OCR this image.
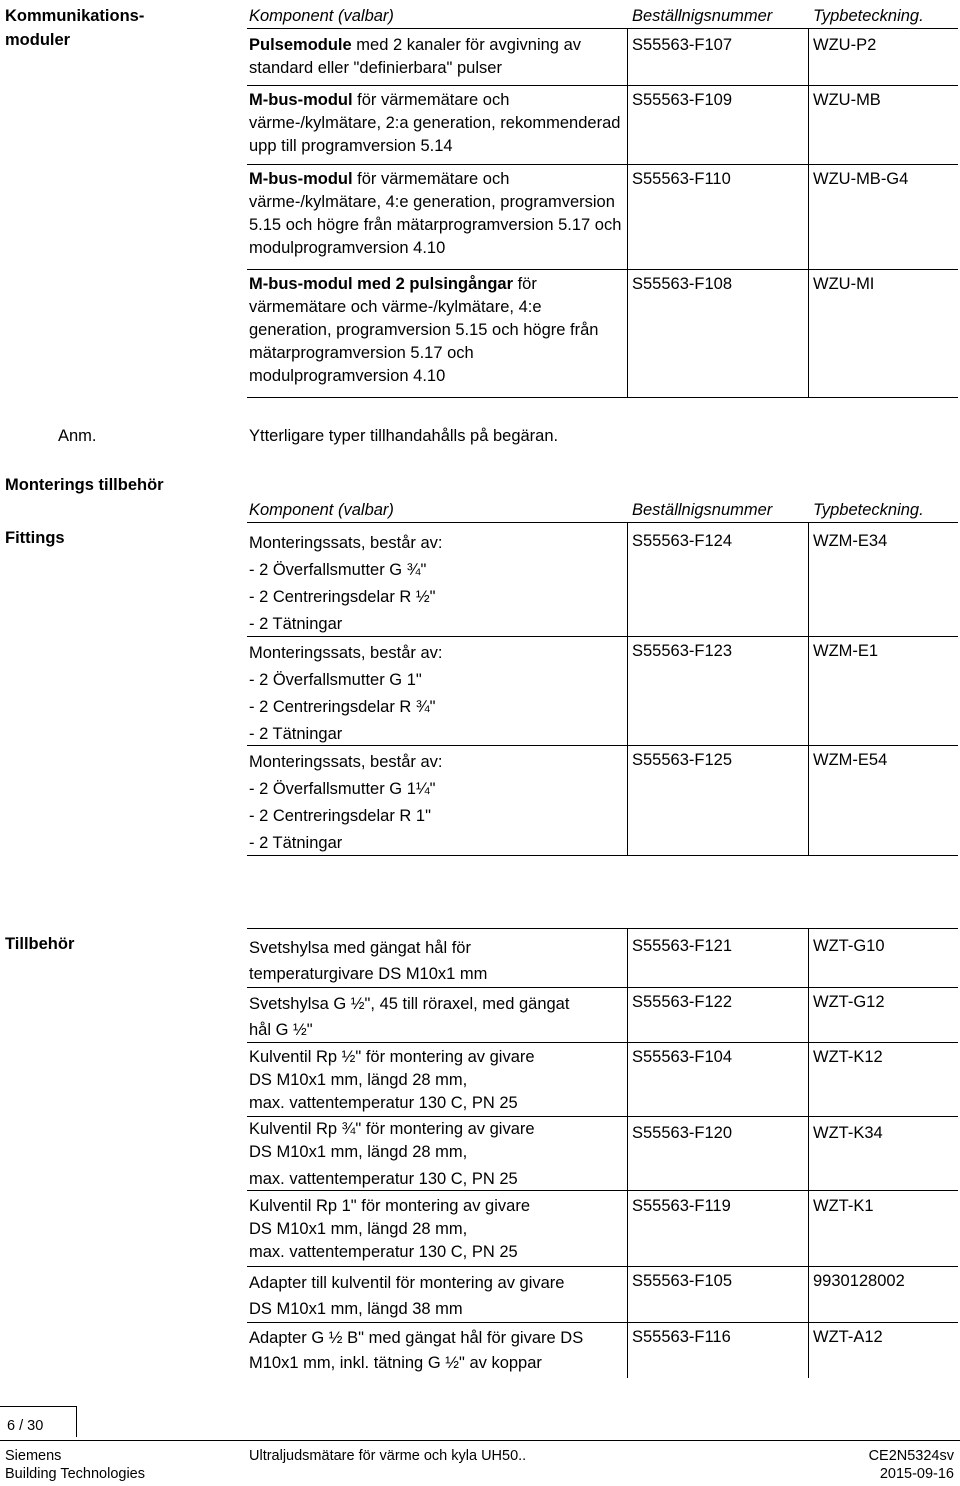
Kommunikations-
moduler
Komponent (valbar)	Beställnigsnummer Typbeteckning.
Pulsemodule med 2 kanaler för avgivning av standard eller "definierbara" pulser
S55563-F107	WZU-P2
M-bus-modul för värmemätare och värme-/kylmätare, 2:a generation, rekommenderad upp till programversion 5.14
S55563-F109	WZU-MB
M-bus-modul för värmemätare och värme-/kylmätare, 4:e generation, programversion 5.15 och högre från mätarprogramversion 5.17 och modulprogramversion 4.10
S55563-F110	WZU-MB-G4
M-bus-modul med 2 pulsingångar för värmemätare och värme-/kylmätare, 4:e generation, programversion 5.15 och högre från mätarprogramversion 5.17 och modulprogramversion 4.10
S55563-F108	WZU-MI
Anm.	Ytterligare typer tillhandahålls på begäran.
Monterings tillbehör
Komponent (valbar)	Beställnigsnummer Typbeteckning.
Fittings	Monteringssats, består av:
- 2 Överfallsmutter G ¾"
- 2 Centreringsdelar R ½"
- 2 Tätningar
S55563-F124	WZM-E34
Monteringssats, består av:
- 2 Överfallsmutter G 1"
- 2 Centreringsdelar R ¾"
- 2 Tätningar
S55563-F123	WZM-E1
Monteringssats, består av:
- 2 Överfallsmutter G 1¼"
- 2 Centreringsdelar R 1"
- 2 Tätningar
S55563-F125	WZM-E54
Tillbehör	Svetshylsa med gängat hål för
temperaturgivare DS M10x1 mm
S55563-F121	WZT-G10
Svetshylsa G ½", 45 till röraxel, med gängat
hål G ½"
S55563-F122	WZT-G12
Kulventil Rp ½" för montering av givare
DS M10x1 mm, längd 28 mm,
max. vattentemperatur 130 C, PN 25
S55563-F104	WZT-K12
Kulventil Rp ¾" för montering av givare
DS M10x1 mm, längd 28 mm,
max. vattentemperatur 130 C, PN 25
S55563-F120	WZT-K34
Kulventil Rp 1" för montering av givare
DS M10x1 mm, längd 28 mm,
max. vattentemperatur 130 C, PN 25
S55563-F119	WZT-K1
Adapter till kulventil för montering av givare
DS M10x1 mm, längd 38 mm
S55563-F105	9930128002
Adapter G ½ B" med gängat hål för givare DS
M10x1 mm, inkl. tätning G ½" av koppar
S55563-F116	WZT-A12
6 / 30
Siemens
Building Technologies
Ultraljudsmätare för värme och kyla UH50..	CE2N5324sv
2015-09-16
